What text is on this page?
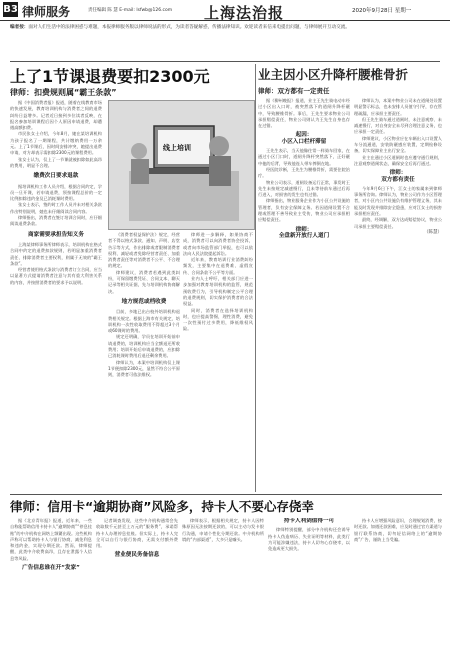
B3 律师服务	责任编辑 陈 慧 E-mail: lsfwb@126.com 上海法治报	2020年9月28日 星期一
编者按：面对人们生活中的法律困惑与难题，本报律师服务版以律师说法的形式，为读者答疑解惑，传播法律知识。欢迎读者来信来电提出问题，与律师展开互动交流。
上了1节课退费要扣2300元
律师：扣费规则属“霸王条款”

据《中国消费者报》报道，随着在线教育市场的快速发展，教育培训机构与消费者之间的退费纠纷日益增多。记者近日接到多位读者反映，在报名参加培训课程后因个人原因申请退费，却遭遇高额扣费。

市民张女士介绍，今年8月，她在某培训机构为孩子报名了一期课程，共计缴纳费用一万余元。上了1节课后，因时间安排冲突，她提出退费申请，对方却表示需扣除2300元的课程费用。

张女士认为，仅上了一节课就被扣除如此高昂的费用，明显不合理。

缴费次日要求退款

据培训机构工作人员介绍，根据合同约定，学员一旦开课，若申请退费，须按课程总价的一定比例扣除违约金及已消耗课时费用。

张女士表示，签约时工作人员并未对相关条款作出特别说明，她也未仔细阅读合同内容。

律师指出，消费者在签订培训合同时，应仔细阅读退费条款。

商家需要承担告知义务

上海某律师事务所律师表示，培训机构在格式合同中约定的退费扣款规则，若明显加重消费者责任、排除消费者主要权利，则属于无效的“霸王条款”。

经营者使用格式条款与消费者订立合同，应当以显著方式提请消费者注意与其有重大利害关系的内容，并按照消费者的要求予以说明。

线上培训

《消费者权益保护法》规定，经营者不得以格式条款、通知、声明、店堂告示等方式，作出排除或者限制消费者权利、减轻或者免除经营者责任、加重消费者责任等对消费者不公平、不合理的规定。

律师建议，消费者若遇到此类纠纷，可保留缴费凭证、合同文本、聊天记录等相关证据，先与培训机构协商解决。

地方规范或档收费

目前，多地已出台校外培训机构退费相关规定。根据上海市有关规定，培训机构一次性收取费用不得超过3个月或60课时的费用。

规定还明确，学员在培训开始前申请退费的，培训机构应当全额退还所收费用；培训开始后申请退费的，应扣除已消耗课时费用后退还剩余费用。

律师认为，本案中培训机构仅上课1节便扣除2300元，显然不符合公平原则，消费者可依法维权。

律师进一步解释，如果协商不成，消费者可以向消费者协会投诉，或者向市场监管部门举报，也可以依法向人民法院提起诉讼。

近年来，教育培训行业消费纠纷频发，主要集中在退费难、虚假宣传、合同条款不公平等方面。

业内人士呼吁，相关部门应进一步加强对教育培训机构的监管，规范预收费行为，引导机构制定公平合理的退费规则，切实保护消费者的合法权益。

同时，消费者在选择培训机构时，也应提高警惕，理性消费，避免一次性预付过多费用，降低维权风险。

业主因小区升降杆腰椎骨折
律师：双方都有一定责任

据《柳州晚报》报道，业主王先生骑电动车经过小区出入口时，被突然落下的道闸升降杆砸中，导致腰椎骨折。事后，王先生要求物业公司承担赔偿责任，物业公司则认为王先生自身也存在过错。

起因：
小区入口栏杆滞留

王先生表示，当天他像往常一样骑车回家，在通过小区门口时，道闸升降杆突然落下，正好砸中他的后背，导致他连人带车摔倒在地。

经医院诊断，王先生为腰椎骨折，需要住院治疗。

物业公司表示，道闸设备运行正常，事发时王先生未按规定减速慢行，且未等待前车通过后再行进入，对损害的发生也有过错。

律师指出，物业服务企业作为小区公共设施的管理者，负有安全保障义务。若因道闸设置不合理或管理不善导致业主受伤，物业公司应承担相应赔偿责任。

律师：
全盘新开放行人道门

律师认为，本案中物业公司未在道闸处设置明显警示标志，也未安排人员值守引导，存在管理疏漏，应承担主要责任。

但王先生骑车通过道闸时，未注意观察、未减速慢行，对自身安全未尽到合理注意义务，也应承担一定责任。

律师建议，小区物业应在车辆出入口设置人车分流通道，安装防砸感应装置，定期检修设备，切实保障业主出行安全。

业主在通过小区道闸时也应遵守通行规则，注意观察道闸状态，确保安全后再行通过。

律师：
双方都有责任

今年9月6日下午，江女士的家属来到律师事务所咨询。律师认为，物业公司作为小区管理者，对小区内公共设施负有维护管理义务，其未能及时发现并排除安全隐患，应对江女士的损害承担相应责任。

最终，经调解，双方达成赔偿协议，物业公司承担主要赔偿责任。

（陈慧）
律师：信用卡“逾期协商”风险多，持卡人不要心存侥幸

据《北京青年报》报道，近年来，一些自称能帮助信用卡持卡人“逾期协商”“停息挂账”的中介机构在网络上频繁出现。这些机构声称可以帮助持卡人与银行协商，减免利息和违约金，实现分期还款。然而，律师提醒，此类中介收费高昂，且存在泄露个人信息等风险。

广告信息谁在开“发家”

记者调查发现，这些中介机构通常会先收取数千元甚至上万元的“服务费”，承诺帮持卡人办理停息挂账。但实际上，持卡人完全可以自行与银行协商，无需支付额外费用。

营业便民务备信息

律师表示，根据相关规定，持卡人因特殊原因无法按期还款的，可以主动与发卡银行沟通，申请个性化分期还款。中介机构所谓的“内部渠道”，大多只是噱头。

持卡人利剑值得一可

律师特别提醒，部分中介机构还会诱导持卡人伪造病历、失业证明等材料，此类行为可能涉嫌违法，持卡人切勿心存侥幸，以免造成更大损失。

持卡人应增强风险意识，合理规划消费，按时还款。如遇还款困难，应及时通过官方渠道与银行联系协商，切勿轻信网络上的“逾期协商”广告，谨防上当受骗。
